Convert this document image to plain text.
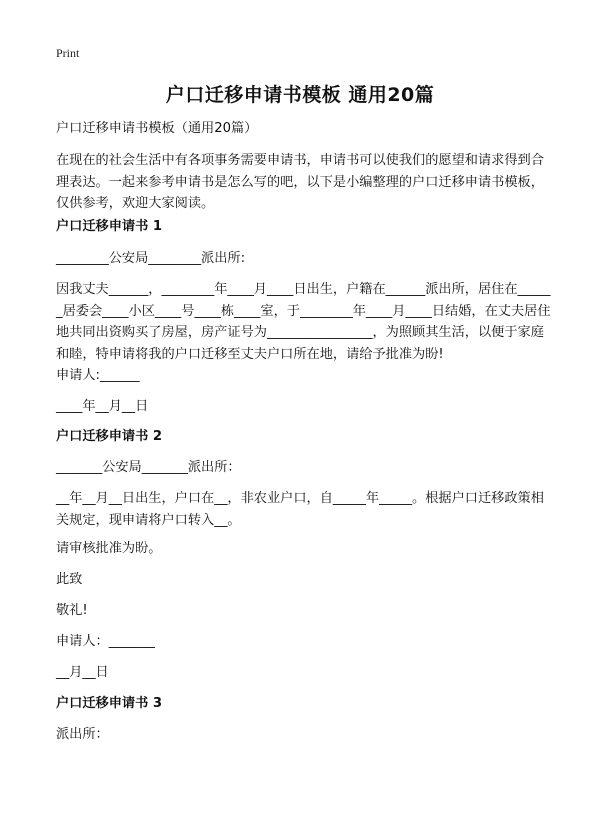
Print
户口迁移申请书模板 通用20篇
户口迁移申请书模板（通用20篇）
在现在的社会生活中有各项事务需要申请书，申请书可以使我们的愿望和请求得到合理表达。一起来参考申请书是怎么写的吧，以下是小编整理的户口迁移申请书模板，仅供参考，欢迎大家阅读。
户口迁移申请书 1
________公安局________派出所:
因我丈夫______，________年____月____日出生，户籍在______派出所，居住在______居委会____小区____号____栋____室，于________年____月____日结婚，在丈夫居住地共同出资购买了房屋，房产证号为________________，为照顾其生活，以便于家庭和睦，特申请将我的户口迁移至丈夫户口所在地，请给予批准为盼!
申请人:______
____年__月__日
户口迁移申请书 2
_______公安局_______派出所：
__年__月__日出生，户口在__，非农业户口，自_____年_____。根据户口迁移政策相关规定，现申请将户口转入__。
请审核批准为盼。
此致
敬礼!
申请人：_______
__月__日
户口迁移申请书 3
派出所：
